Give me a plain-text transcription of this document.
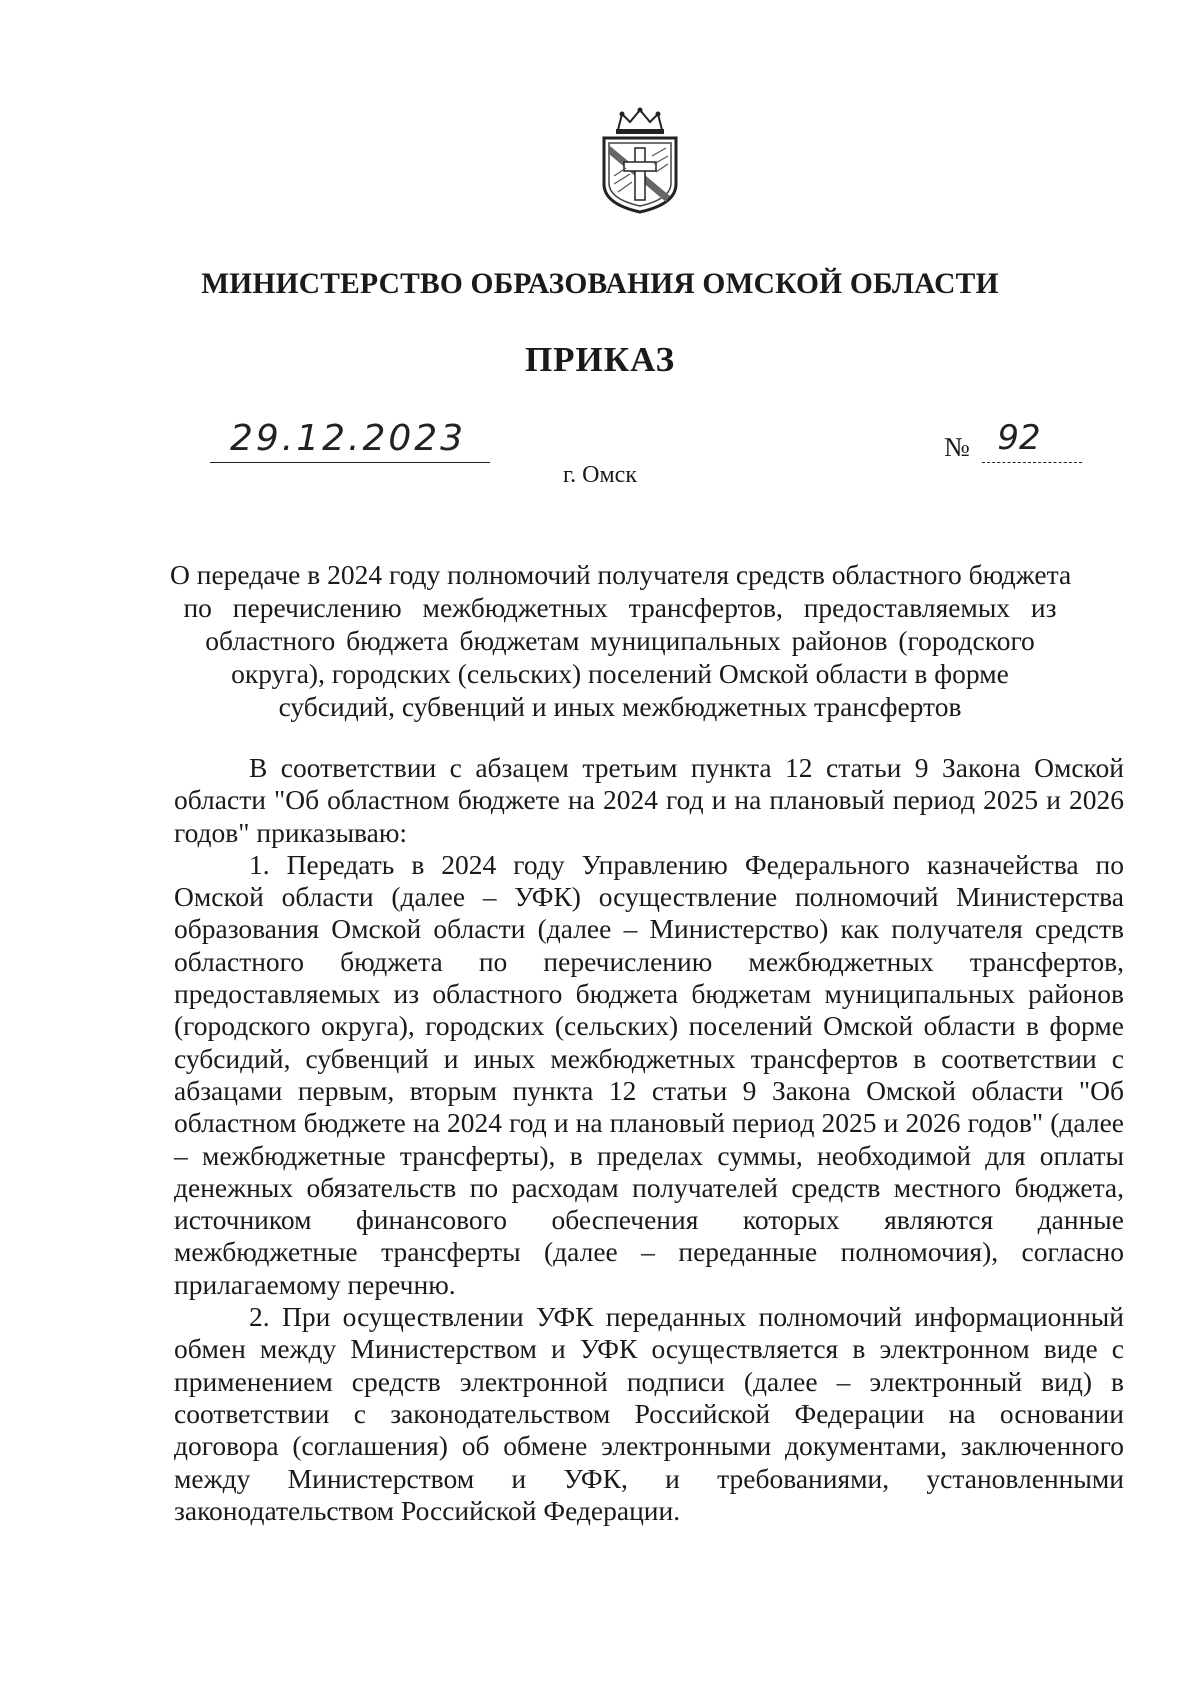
МИНИСТЕРСТВО ОБРАЗОВАНИЯ ОМСКОЙ ОБЛАСТИ
ПРИКАЗ
29.12.2023	№ 92
г. Омск
О передаче в 2024 году полномочий получателя средств областного бюджета
по перечислению межбюджетных трансфертов, предоставляемых из
областного бюджета бюджетам муниципальных районов (городского
округа), городских (сельских) поселений Омской области в форме
субсидий, субвенций и иных межбюджетных трансфертов

В соответствии с абзацем третьим пункта 12 статьи 9 Закона Омской области "Об областном бюджете на 2024 год и на плановый период 2025 и 2026 годов" приказываю:

1. Передать в 2024 году Управлению Федерального казначейства по Омской области (далее – УФК) осуществление полномочий Министерства образования Омской области (далее – Министерство) как получателя средств областного бюджета по перечислению межбюджетных трансфертов, предоставляемых из областного бюджета бюджетам муниципальных районов (городского округа), городских (сельских) поселений Омской области в форме субсидий, субвенций и иных межбюджетных трансфертов в соответствии с абзацами первым, вторым пункта 12 статьи 9 Закона Омской области "Об областном бюджете на 2024 год и на плановый период 2025 и 2026 годов" (далее – межбюджетные трансферты), в пределах суммы, необходимой для оплаты денежных обязательств по расходам получателей средств местного бюджета, источником финансового обеспечения которых являются данные межбюджетные трансферты (далее – переданные полномочия), согласно прилагаемому перечню.

2. При осуществлении УФК переданных полномочий информационный обмен между Министерством и УФК осуществляется в электронном виде с применением средств электронной подписи (далее – электронный вид) в соответствии с законодательством Российской Федерации на основании договора (соглашения) об обмене электронными документами, заключенного между Министерством и УФК, и требованиями, установленными законодательством Российской Федерации.
